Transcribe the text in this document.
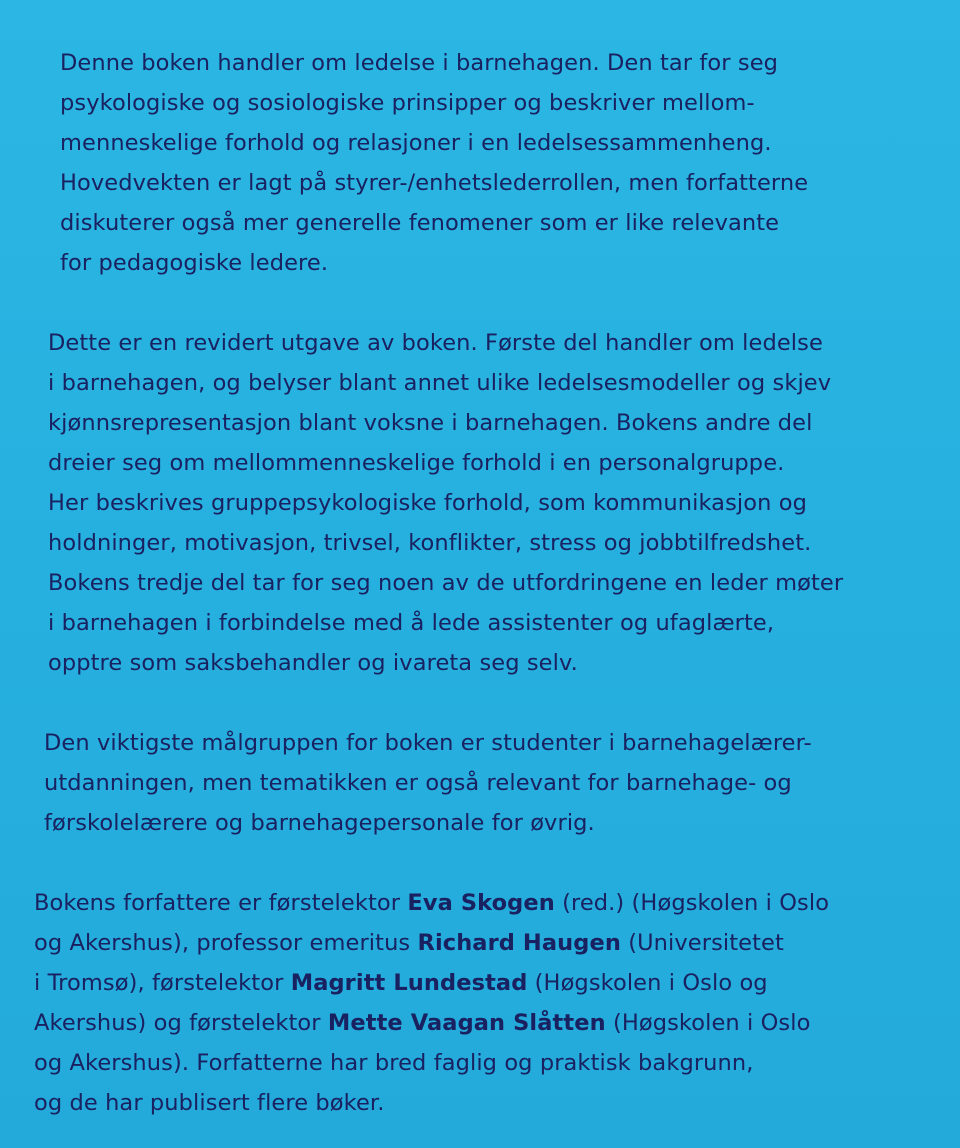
Denne boken handler om ledelse i barnehagen. Den tar for seg
psykologiske og sosiologiske prinsipper og beskriver mellom-
menneskelige forhold og relasjoner i en ledelsessammenheng.
Hovedvekten er lagt på styrer-/enhetslederrollen, men forfatterne
diskuterer også mer generelle fenomener som er like relevante
for pedagogiske ledere.

Dette er en revidert utgave av boken. Første del handler om ledelse
i barnehagen, og belyser blant annet ulike ledelsesmodeller og skjev
kjønnsrepresentasjon blant voksne i barnehagen. Bokens andre del
dreier seg om mellommenneskelige forhold i en personalgruppe.
Her beskrives gruppepsykologiske forhold, som kommunikasjon og
holdninger, motivasjon, trivsel, konflikter, stress og jobbtilfredshet.
Bokens tredje del tar for seg noen av de utfordringene en leder møter
i barnehagen i forbindelse med å lede assistenter og ufaglærte,
opptre som saksbehandler og ivareta seg selv.

Den viktigste målgruppen for boken er studenter i barnehagelærer-
utdanningen, men tematikken er også relevant for barnehage- og
førskolelærere og barnehagepersonale for øvrig.

Bokens forfattere er førstelektor Eva Skogen (red.) (Høgskolen i Oslo
og Akershus), professor emeritus Richard Haugen (Universitetet
i Tromsø), førstelektor Magritt Lundestad (Høgskolen i Oslo og
Akershus) og førstelektor Mette Vaagan Slåtten (Høgskolen i Oslo
og Akershus). Forfatterne har bred faglig og praktisk bakgrunn,
og de har publisert flere bøker.
